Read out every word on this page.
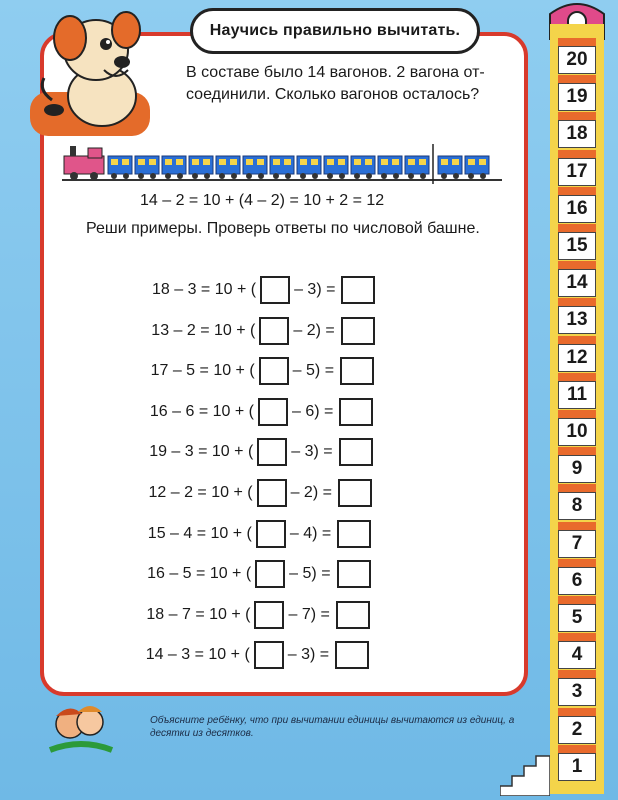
Научись правильно вычитать.
В составе было 14 вагонов. 2 вагона от-соединили. Сколько вагонов осталось?
14 – 2 = 10 + (4 – 2) = 10 + 2 = 12
Реши примеры. Проверь ответы по числовой башне.
18 – 3 = 10 + ( – 3) =
13 – 2 = 10 + ( – 2) =
17 – 5 = 10 + ( – 5) =
16 – 6 = 10 + ( – 6) =
19 – 3 = 10 + ( – 3) =
12 – 2 = 10 + ( – 2) =
15 – 4 = 10 + ( – 4) =
16 – 5 = 10 + ( – 5) =
18 – 7 = 10 + ( – 7) =
14 – 3 = 10 + ( – 3) =
20
19
18
17
16
15
14
13
12
11
10
9
8
7
6
5
4
3
2
1
Объясните ребёнку, что при вычитании единицы вычитаются из единиц, а десятки из десятков.
